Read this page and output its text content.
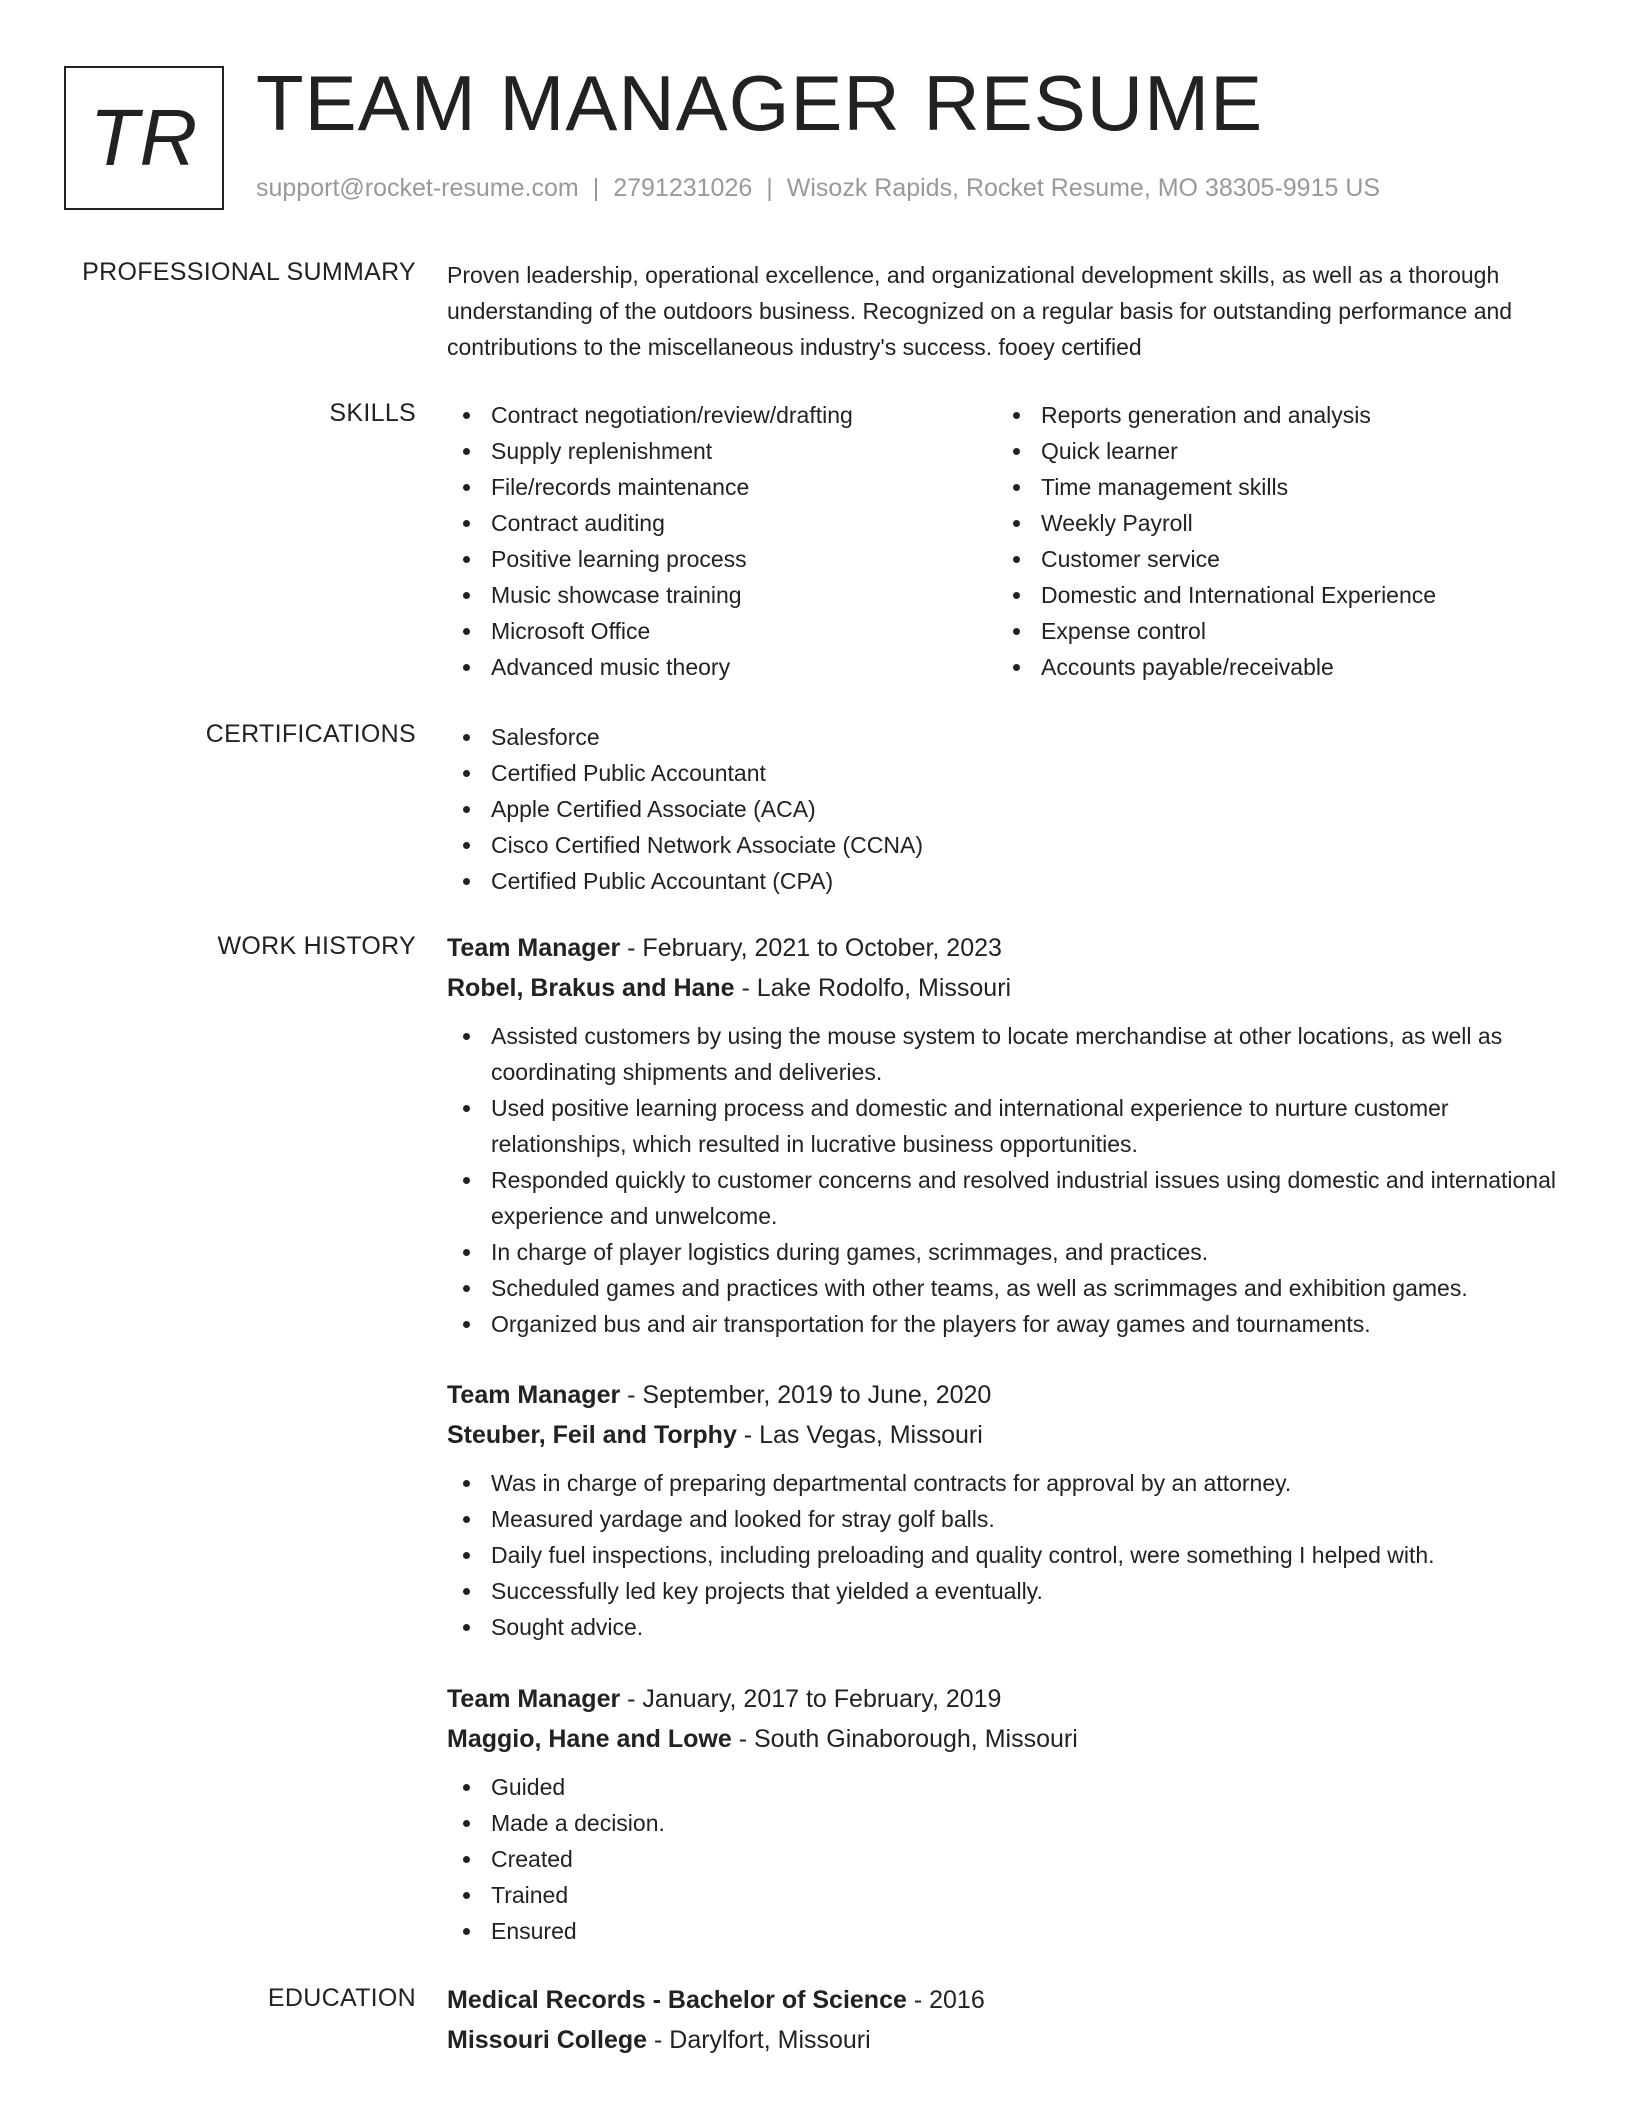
TR TEAM MANAGER RESUME
support@rocket-resume.com | 2791231026 | Wisozk Rapids, Rocket Resume, MO 38305-9915 US
PROFESSIONAL SUMMARY Proven leadership, operational excellence, and organizational development skills, as well as a thorough understanding of the outdoors business. Recognized on a regular basis for outstanding performance and contributions to the miscellaneous industry's success. fooey certified

SKILLS	Contract negotiation/review/drafting
Supply replenishment
File/records maintenance
Contract auditing
Positive learning process
Music showcase training
Microsoft Office
Advanced music theory
Reports generation and analysis
Quick learner
Time management skills
Weekly Payroll
Customer service
Domestic and International Experience
Expense control
Accounts payable/receivable
CERTIFICATIONS	Salesforce
Certified Public Accountant
Apple Certified Associate (ACA)
Cisco Certified Network Associate (CCNA)
Certified Public Accountant (CPA)
WORK HISTORY Team Manager - February, 2021 to October, 2023
Robel, Brakus and Hane - Lake Rodolfo, Missouri
Assisted customers by using the mouse system to locate merchandise at other locations, as well as coordinating shipments and deliveries.
Used positive learning process and domestic and international experience to nurture customer relationships, which resulted in lucrative business opportunities.
Responded quickly to customer concerns and resolved industrial issues using domestic and international experience and unwelcome.
In charge of player logistics during games, scrimmages, and practices.
Scheduled games and practices with other teams, as well as scrimmages and exhibition games.
Organized bus and air transportation for the players for away games and tournaments.
Team Manager - September, 2019 to June, 2020
Steuber, Feil and Torphy - Las Vegas, Missouri
Was in charge of preparing departmental contracts for approval by an attorney.
Measured yardage and looked for stray golf balls.
Daily fuel inspections, including preloading and quality control, were something I helped with.
Successfully led key projects that yielded a eventually.
Sought advice.
Team Manager - January, 2017 to February, 2019
Maggio, Hane and Lowe - South Ginaborough, Missouri
Guided
Made a decision.
Created
Trained
Ensured
EDUCATION Medical Records - Bachelor of Science - 2016
Missouri College - Darylfort, Missouri
